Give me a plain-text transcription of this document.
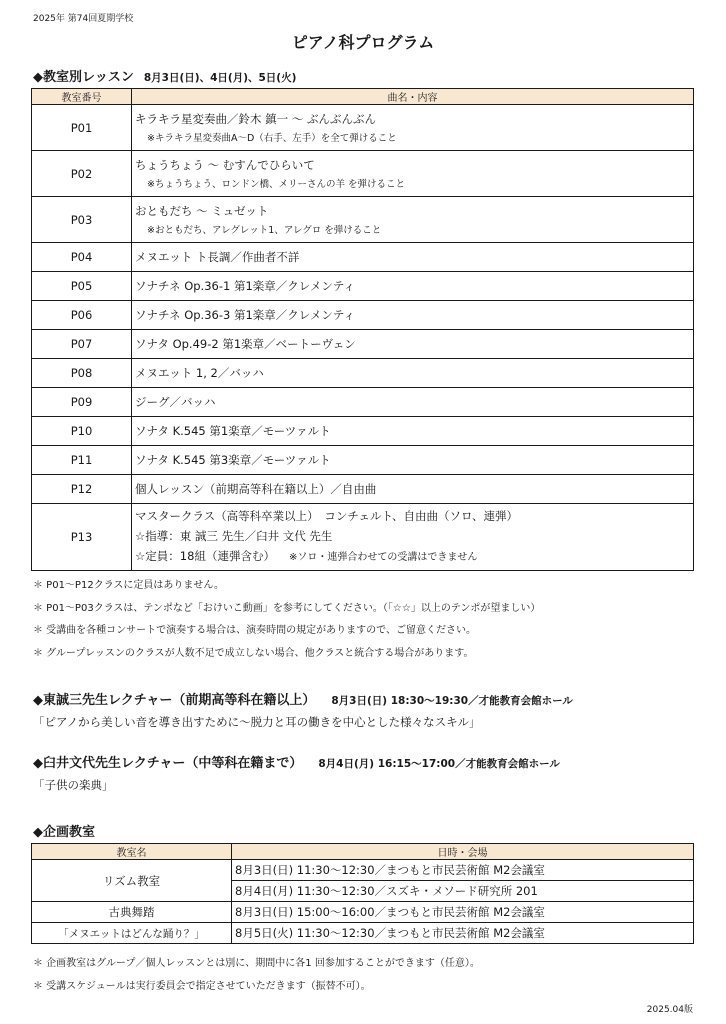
2025年 第74回夏期学校
ピアノ科プログラム
◆教室別レッスン 8月3日(日)、4日(月)、5日(火)
教室番号	曲名・内容
P01	キラキラ星変奏曲／鈴木 鎮一 ～ ぶんぶんぶん
※キラキラ星変奏曲A～D（右手、左手）を全て弾けること

P02	ちょうちょう ～ むすんでひらいて
※ちょうちょう、ロンドン橋、メリーさんの羊 を弾けること

P03	おともだち ～ ミュゼット
※おともだち、アレグレット1、アレグロ を弾けること

P04	メヌエット ト長調／作曲者不詳
P05	ソナチネ Op.36-1 第1楽章／クレメンティ
P06	ソナチネ Op.36-3 第1楽章／クレメンティ
P07	ソナタ Op.49-2 第1楽章／ベートーヴェン
P08	メヌエット 1, 2／バッハ
P09	ジーグ／バッハ
P10	ソナタ K.545 第1楽章／モーツァルト
P11	ソナタ K.545 第3楽章／モーツァルト
P12	個人レッスン（前期高等科在籍以上）／自由曲
P13	マスタークラス（高等科卒業以上）　コンチェルト、自由曲（ソロ、連弾）
☆指導：東 誠三 先生／臼井 文代 先生
☆定員：18組（連弾含む） ※ソロ・連弾合わせての受講はできません
＊ P01～P12クラスに定員はありません。
＊ P01～P03クラスは、テンポなど「おけいこ動画」を参考にしてください。（「☆☆」以上のテンポが望ましい）
＊ 受講曲を各種コンサートで演奏する場合は、演奏時間の規定がありますので、ご留意ください。
＊ グループレッスンのクラスが人数不足で成立しない場合、他クラスと統合する場合があります。
◆東誠三先生レクチャー（前期高等科在籍以上） 8月3日(日) 18:30～19:30／才能教育会館ホール
「ピアノから美しい音を導き出すために～脱力と耳の働きを中心とした様々なスキル」
◆臼井文代先生レクチャー（中等科在籍まで） 8月4日(月) 16:15～17:00／才能教育会館ホール
「子供の楽典」
◆企画教室
教室名	日時・会場
リズム教室	8月3日(日) 11:30～12:30／まつもと市民芸術館 M2会議室
	8月4日(月) 11:30～12:30／スズキ・メソード研究所 201
古典舞踏	8月3日(日) 15:00～16:00／まつもと市民芸術館 M2会議室
「メヌエットはどんな踊り？」	8月5日(火) 11:30～12:30／まつもと市民芸術館 M2会議室
＊ 企画教室はグループ／個人レッスンとは別に、期間中に各1 回参加することができます（任意）。
＊ 受講スケジュールは実行委員会で指定させていただきます（振替不可）。
2025.04版
